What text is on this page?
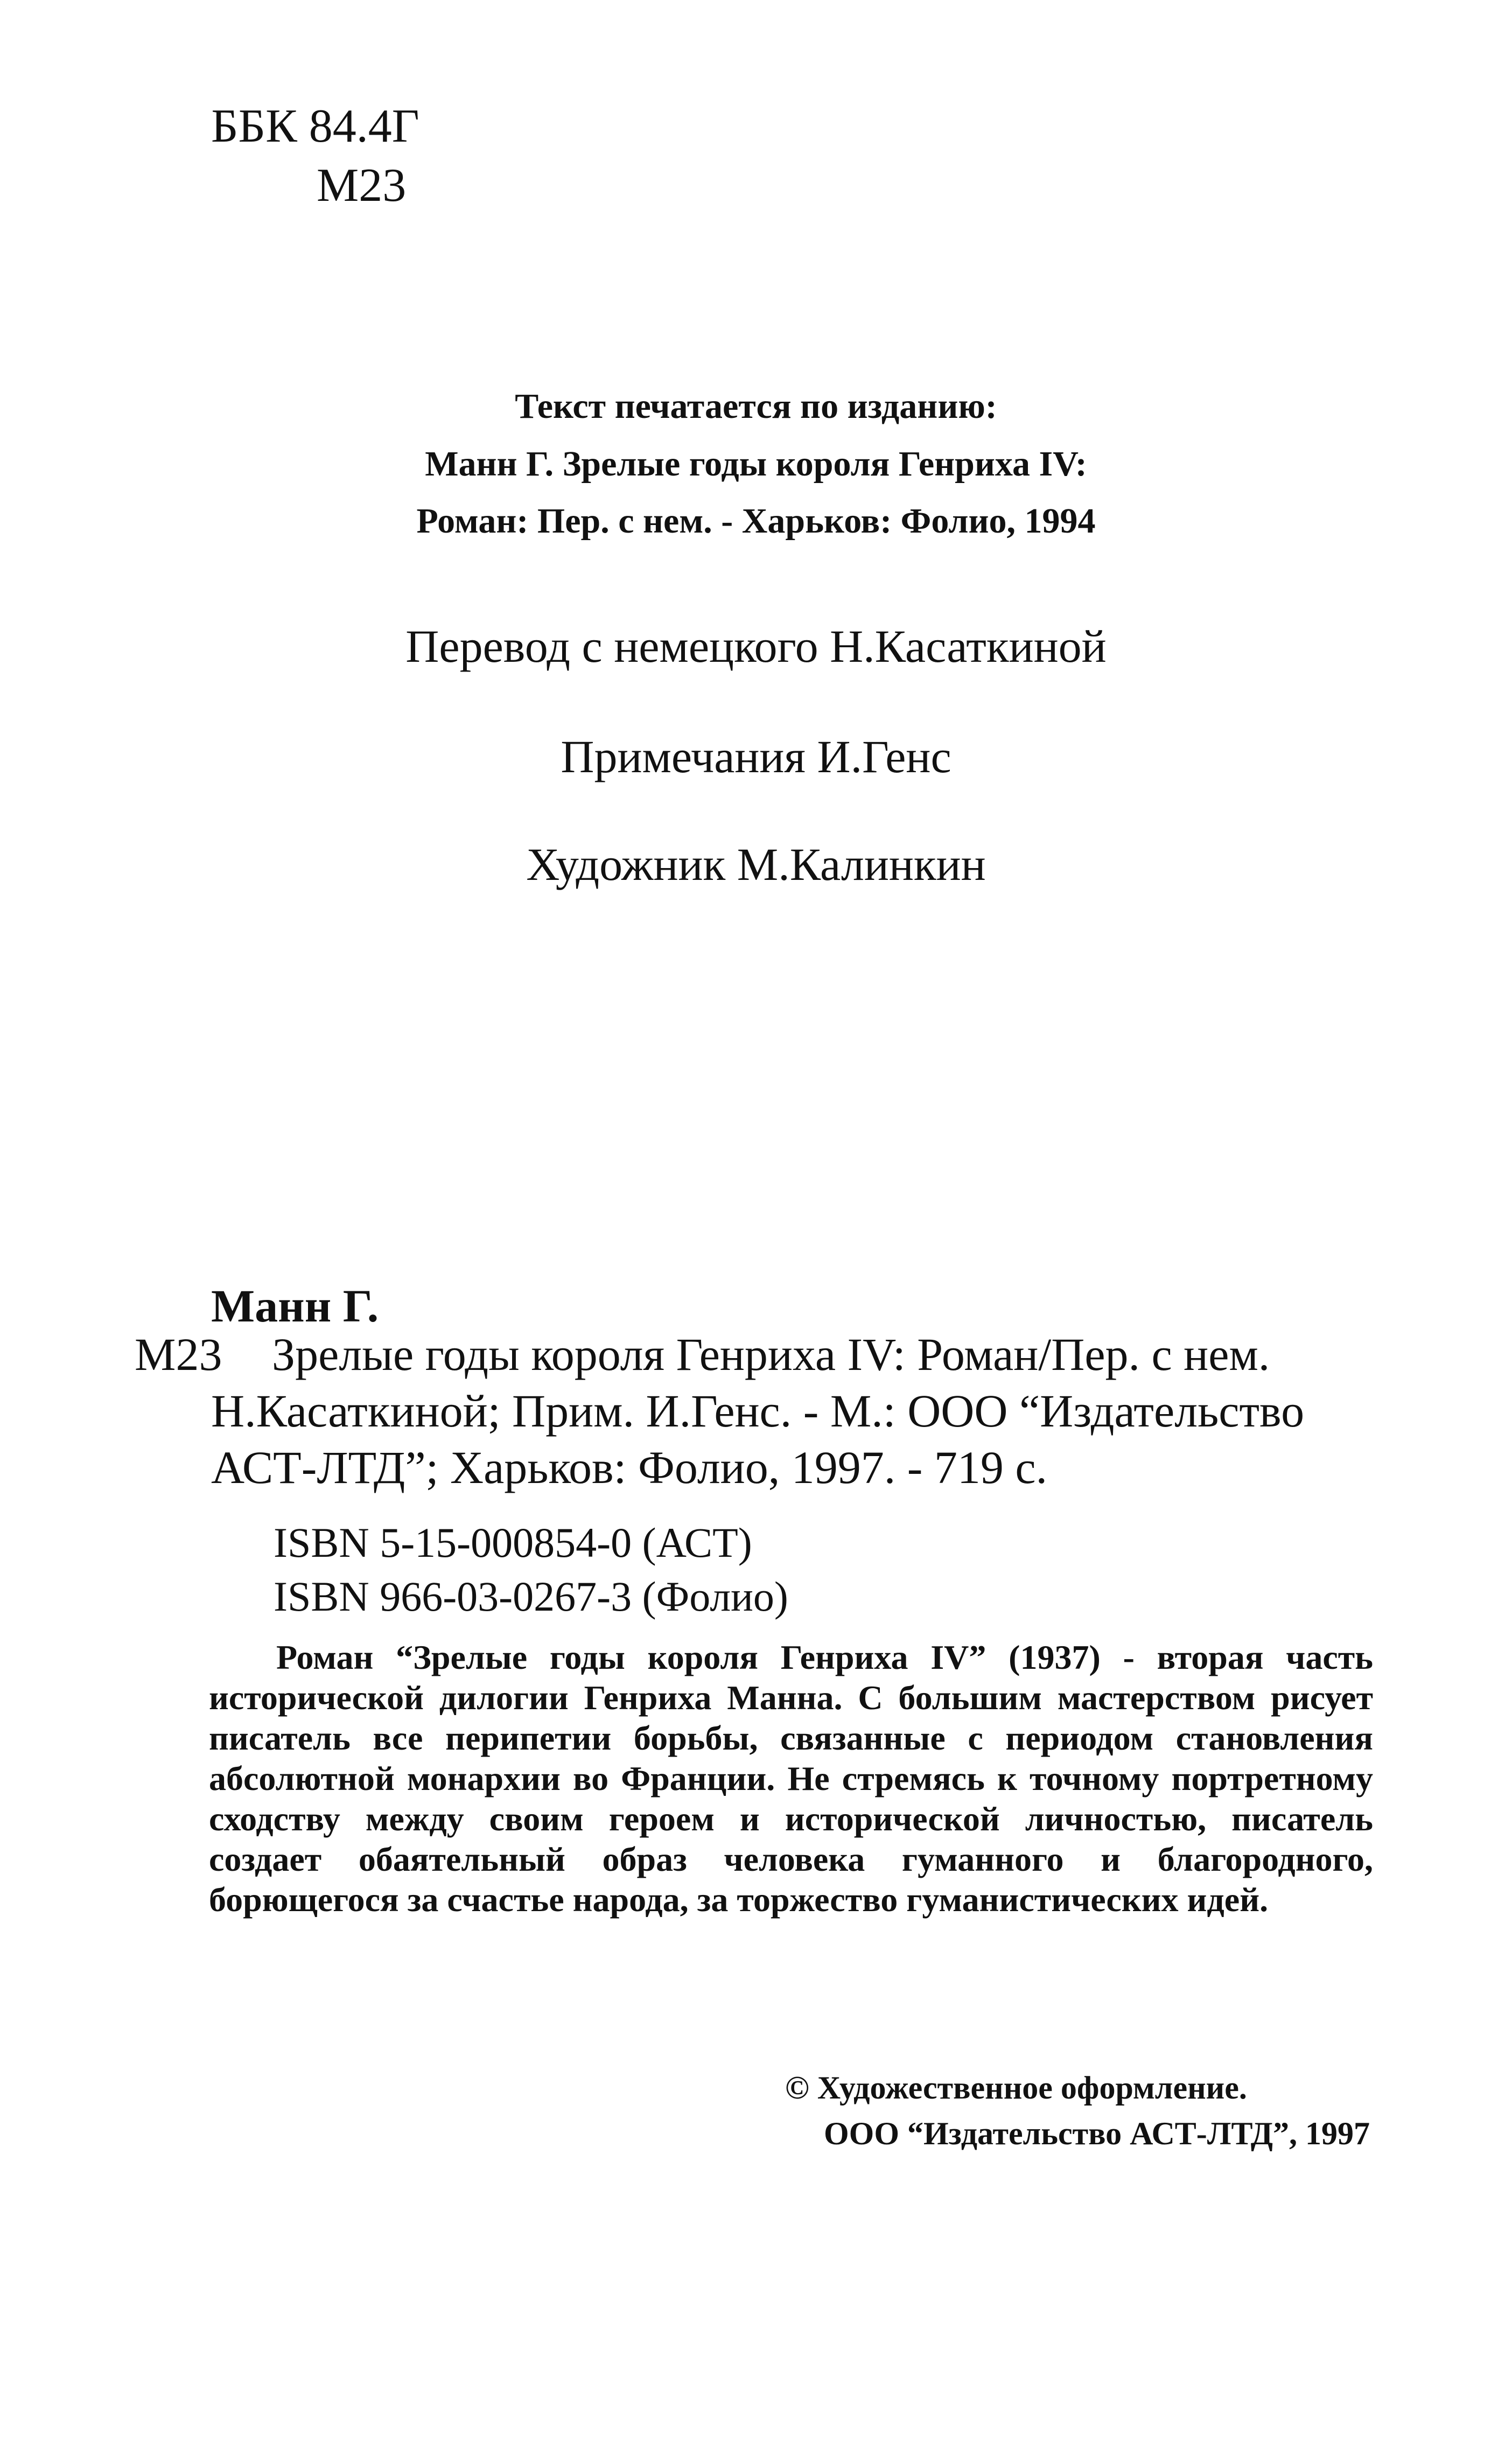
ББК 84.4Г
М23
Текст печатается по изданию:
Манн Г. Зрелые годы короля Генриха IV:
Роман: Пер. с нем. - Харьков: Фолио, 1994
Перевод с немецкого Н.Касаткиной
Примечания И.Генс
Художник М.Калинкин
Манн Г.
М23 Зрелые годы короля Генриха IV: Роман/Пер. с нем.
Н.Касаткиной; Прим. И.Генс. - М.: ООО “Издательство
АСТ-ЛТД”; Харьков: Фолио, 1997. - 719 с.
ISBN 5-15-000854-0 (АСТ)
ISBN 966-03-0267-3 (Фолио)
Роман “Зрелые годы короля Генриха IV” (1937) - вторая часть исторической дилогии Генриха Манна. С большим мастерством рисует писатель все перипетии борьбы, связанные с периодом становления абсолютной монархии во Франции. Не стремясь к точному портретному сходству между своим героем и исторической личностью, писатель создает обаятельный образ человека гуманного и благородного, борющегося за счастье народа, за торжество гуманистических идей.
© Художественное оформление.
ООО “Издательство АСТ-ЛТД”, 1997
